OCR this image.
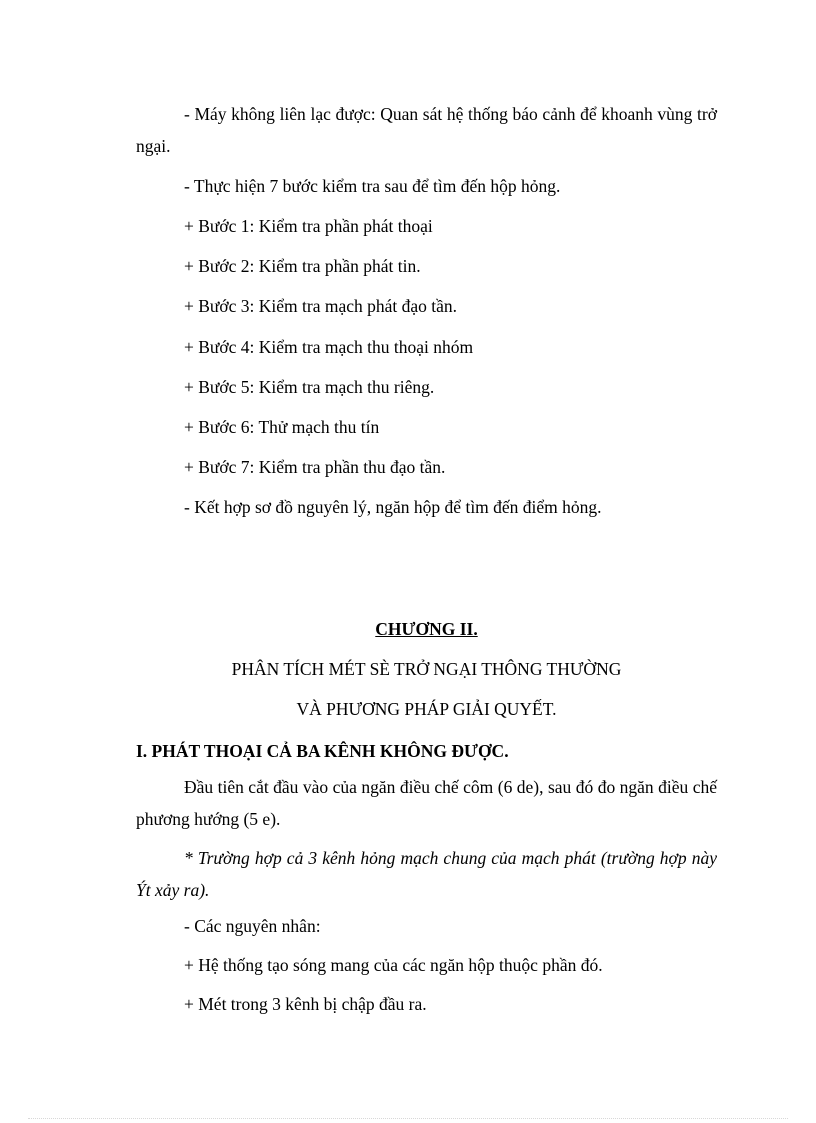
- Máy không liên lạc được: Quan sát hệ thống báo cảnh để khoanh vùng trở ngại.

- Thực hiện 7 bước kiểm tra sau để tìm đến hộp hỏng.

+ Bước 1: Kiểm tra phần phát thoại

+ Bước 2: Kiểm tra phần phát tin.

+ Bước 3: Kiểm tra mạch phát đạo tần.

+ Bước 4: Kiểm tra mạch thu thoại nhóm

+ Bước 5: Kiểm tra mạch thu riêng.

+ Bước 6: Thử mạch thu tín

+ Bước 7: Kiểm tra phần thu đạo tần.

- Kết hợp sơ đồ nguyên lý, ngăn hộp để tìm đến điểm hỏng.

CHƯƠNG II.

PHÂN TÍCH MÉT SÈ TRỞ NGẠI THÔNG THƯỜNG

VÀ PHƯƠNG PHÁP GIẢI QUYẾT.

I. PHÁT THOẠI CẢ BA KÊNH KHÔNG ĐƯỢC.

Đầu tiên cắt đầu vào của ngăn điều chế côm (6 de), sau đó đo ngăn điều chế phương hướng (5 e).

* Trường hợp cả 3 kênh hỏng mạch chung của mạch phát (trường hợp này Ýt xảy ra).

- Các nguyên nhân:

+ Hệ thống tạo sóng mang của các ngăn hộp thuộc phần đó.

+ Mét trong 3 kênh bị chập đầu ra.
